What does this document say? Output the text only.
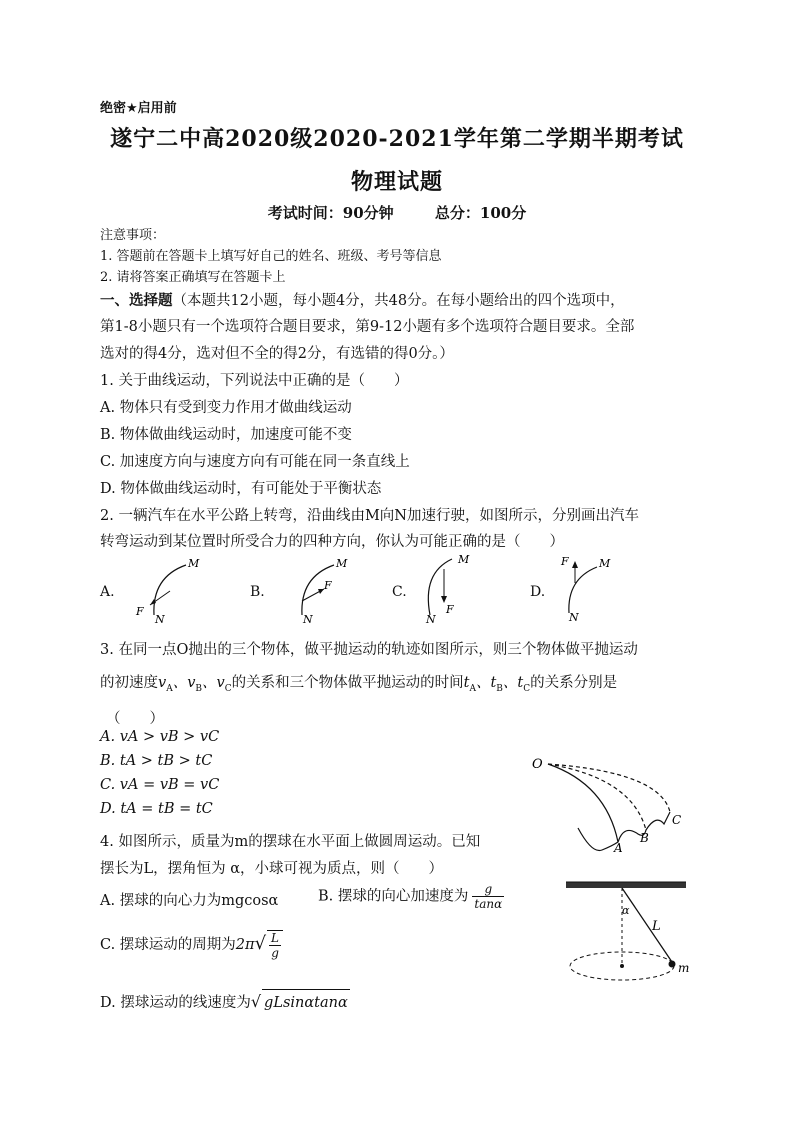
绝密★启用前
遂宁二中高2020级2020-2021学年第二学期半期考试
物理试题
考试时间：90分钟	总分：100分
注意事项：
1. 答题前在答题卡上填写好自己的姓名、班级、考号等信息
2. 请将答案正确填写在答题卡上
一、选择题（本题共12小题，每小题4分，共48分。在每小题给出的四个选项中，
第1-8小题只有一个选项符合题目要求，第9-12小题有多个选项符合题目要求。全部
选对的得4分，选对但不全的得2分，有选错的得0分。）
1. 关于曲线运动，下列说法中正确的是（　　）
A. 物体只有受到变力作用才做曲线运动
B. 物体做曲线运动时，加速度可能不变
C. 加速度方向与速度方向有可能在同一条直线上
D. 物体做曲线运动时，有可能处于平衡状态
2. 一辆汽车在水平公路上转弯，沿曲线由M向N加速行驶，如图所示，分别画出汽车
转弯运动到某位置时所受合力的四种方向，你认为可能正确的是（　　）
A.
M
N
F
B.
M
N
F	C.
M
N
F
D.
M
N
F
3. 在同一点O抛出的三个物体，做平抛运动的轨迹如图所示，则三个物体做平抛运动
的初速度$v_A$、$v_B$、$v_C$的关系和三个物体做平抛运动的时间$t_A$、$t_B$、$t_C$的关系分别是
（　　）
A. vA > vB > vC
B. tA > tB > tC
C. vA = vB = vC
D. tA = tB = tC
O
A
B
C
4. 如图所示，质量为m的摆球在水平面上做圆周运动。已知
摆长为L，摆角恒为 α，小球可视为质点，则（　　）
A. 摆球的向心力为mgcosα	B. 摆球的向心加速度为 $\frac{g}{\tan\alpha}$
C. 摆球运动的周期为$2\pi√ \frac{L}{g}$
D. 摆球运动的线速度为√ gLsinαtanα
α
L
m
